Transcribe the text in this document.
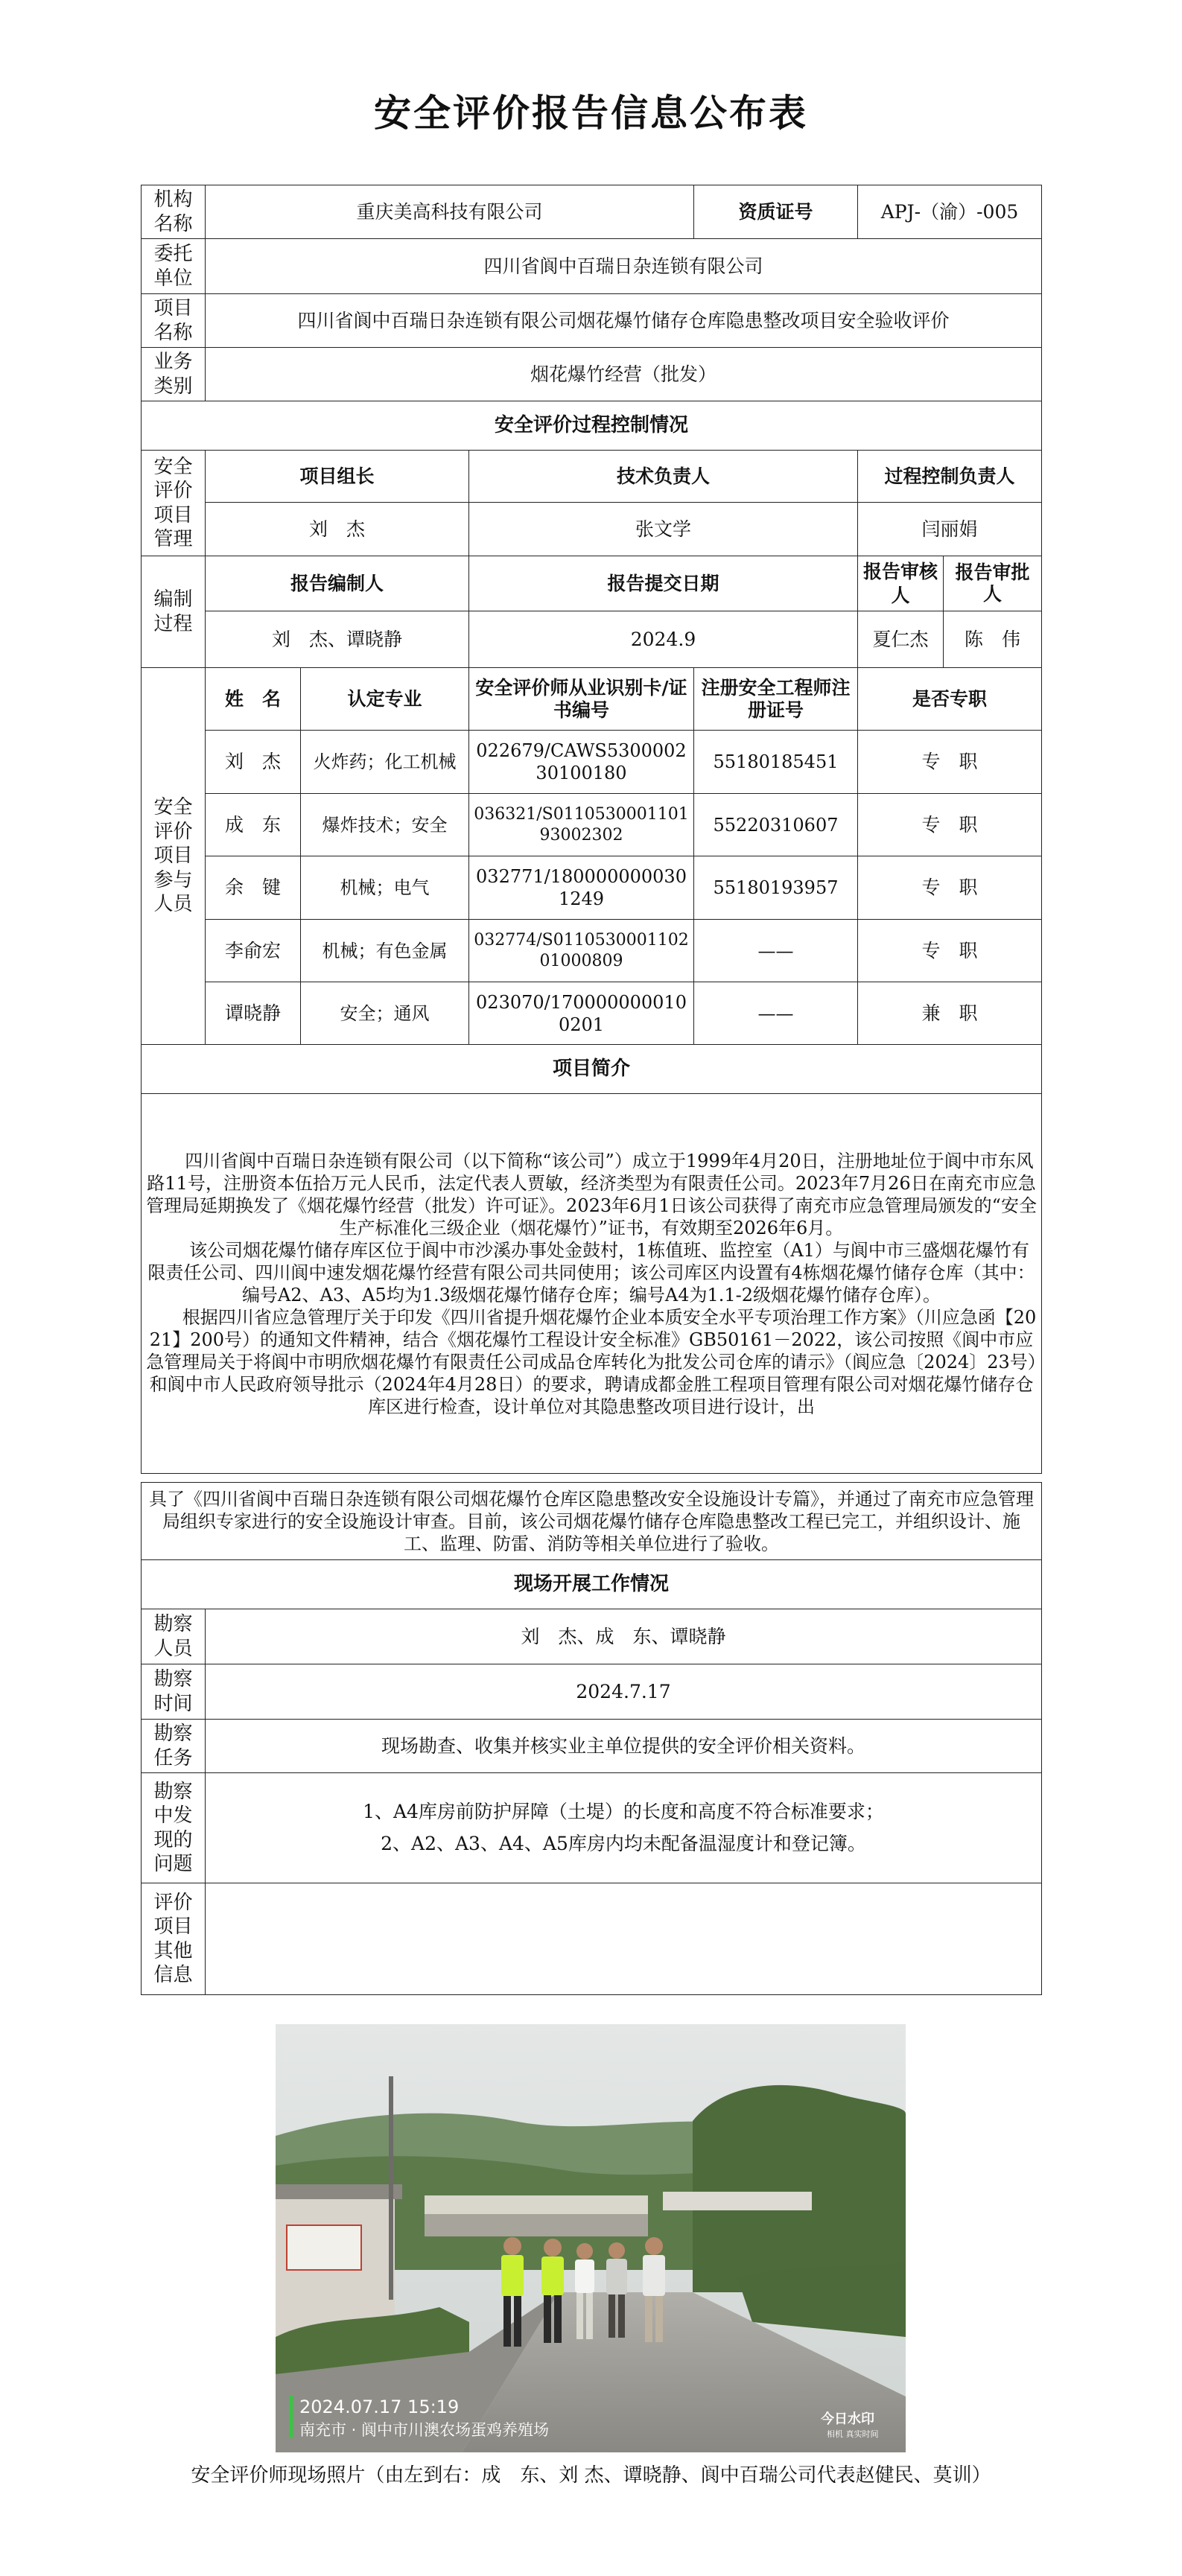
安全评价报告信息公布表
机构名称	重庆美高科技有限公司			资质证号	APJ-（渝）-005	
委托单位	四川省阆中百瑞日杂连锁有限公司					
项目名称	四川省阆中百瑞日杂连锁有限公司烟花爆竹储存仓库隐患整改项目安全验收评价					
业务类别	烟花爆竹经营（批发）					
安全评价过程控制情况						
安全评价项目管理	项目组长		技术负责人		过程控制负责人	
	刘　杰		张文学		闫丽娟	
编制过程	报告编制人		报告提交日期		报告审核人	报告审批人
	刘　杰、谭晓静		2024.9		夏仁杰	陈　伟
安全评价项目参与人员	姓　名	认定专业	安全评价师从业识别卡/证书编号	注册安全工程师注册证号	是否专职	
	刘　杰	火炸药；化工机械	022679/CAWS530000230100180	55180185451	专　职	
	成　东	爆炸技术；安全	036321/S011053000110193002302	55220310607	专　职	
	余　键	机械；电气	032771/1800000000301249	55180193957	专　职	
	李俞宏	机械；有色金属	032774/S011053000110201000809	——	专　职	
	谭晓静	安全；通风	023070/1700000000100201	——	兼　职	
项目简介						

四川省阆中百瑞日杂连锁有限公司（以下简称“该公司”）成立于1999年4月20日，注册地址位于阆中市东风路11号，注册资本伍拾万元人民币，法定代表人贾敏，经济类型为有限责任公司。2023年7月26日在南充市应急管理局延期换发了《烟花爆竹经营（批发）许可证》。2023年6月1日该公司获得了南充市应急管理局颁发的“安全生产标准化三级企业（烟花爆竹）”证书，有效期至2026年6月。

该公司烟花爆竹储存库区位于阆中市沙溪办事处金鼓村，1栋值班、监控室（A1）与阆中市三盛烟花爆竹有限责任公司、四川阆中速发烟花爆竹经营有限公司共同使用；该公司库区内设置有4栋烟花爆竹储存仓库（其中：编号A2、A3、A5均为1.3级烟花爆竹储存仓库；编号A4为1.1-2级烟花爆竹储存仓库）。

根据四川省应急管理厅关于印发《四川省提升烟花爆竹企业本质安全水平专项治理工作方案》（川应急函【2021】200号）的通知文件精神，结合《烟花爆竹工程设计安全标准》GB50161－2022，该公司按照《阆中市应急管理局关于将阆中市明欣烟花爆竹有限责任公司成品仓库转化为批发公司仓库的请示》（阆应急〔2024〕23号）和阆中市人民政府领导批示（2024年4月28日）的要求，聘请成都金胜工程项目管理有限公司对烟花爆竹储存仓库区进行检查，设计单位对其隐患整改项目进行设计，出						

具了《四川省阆中百瑞日杂连锁有限公司烟花爆竹仓库区隐患整改安全设施设计专篇》，并通过了南充市应急管理局组织专家进行的安全设施设计审查。目前，该公司烟花爆竹储存仓库隐患整改工程已完工，并组织设计、施工、监理、防雷、消防等相关单位进行了验收。	
现场开展工作情况	
勘察人员	刘　杰、成　东、谭晓静
勘察时间	2024.7.17
勘察任务	现场勘查、收集并核实业主单位提供的安全评价相关资料。
勘察中发现的问题	1、A4库房前防护屏障（土堤）的长度和高度不符合标准要求；
2、A2、A3、A4、A5库房内均未配备温湿度计和登记簿。

评价项目其他信息	
2024.07.17 15:19
南充市 · 阆中市川澳农场蛋鸡养殖场
今日水印
相机 真实时间
安全评价师现场照片（由左到右：成　东、刘 杰、谭晓静、阆中百瑞公司代表赵健民、莫训）
